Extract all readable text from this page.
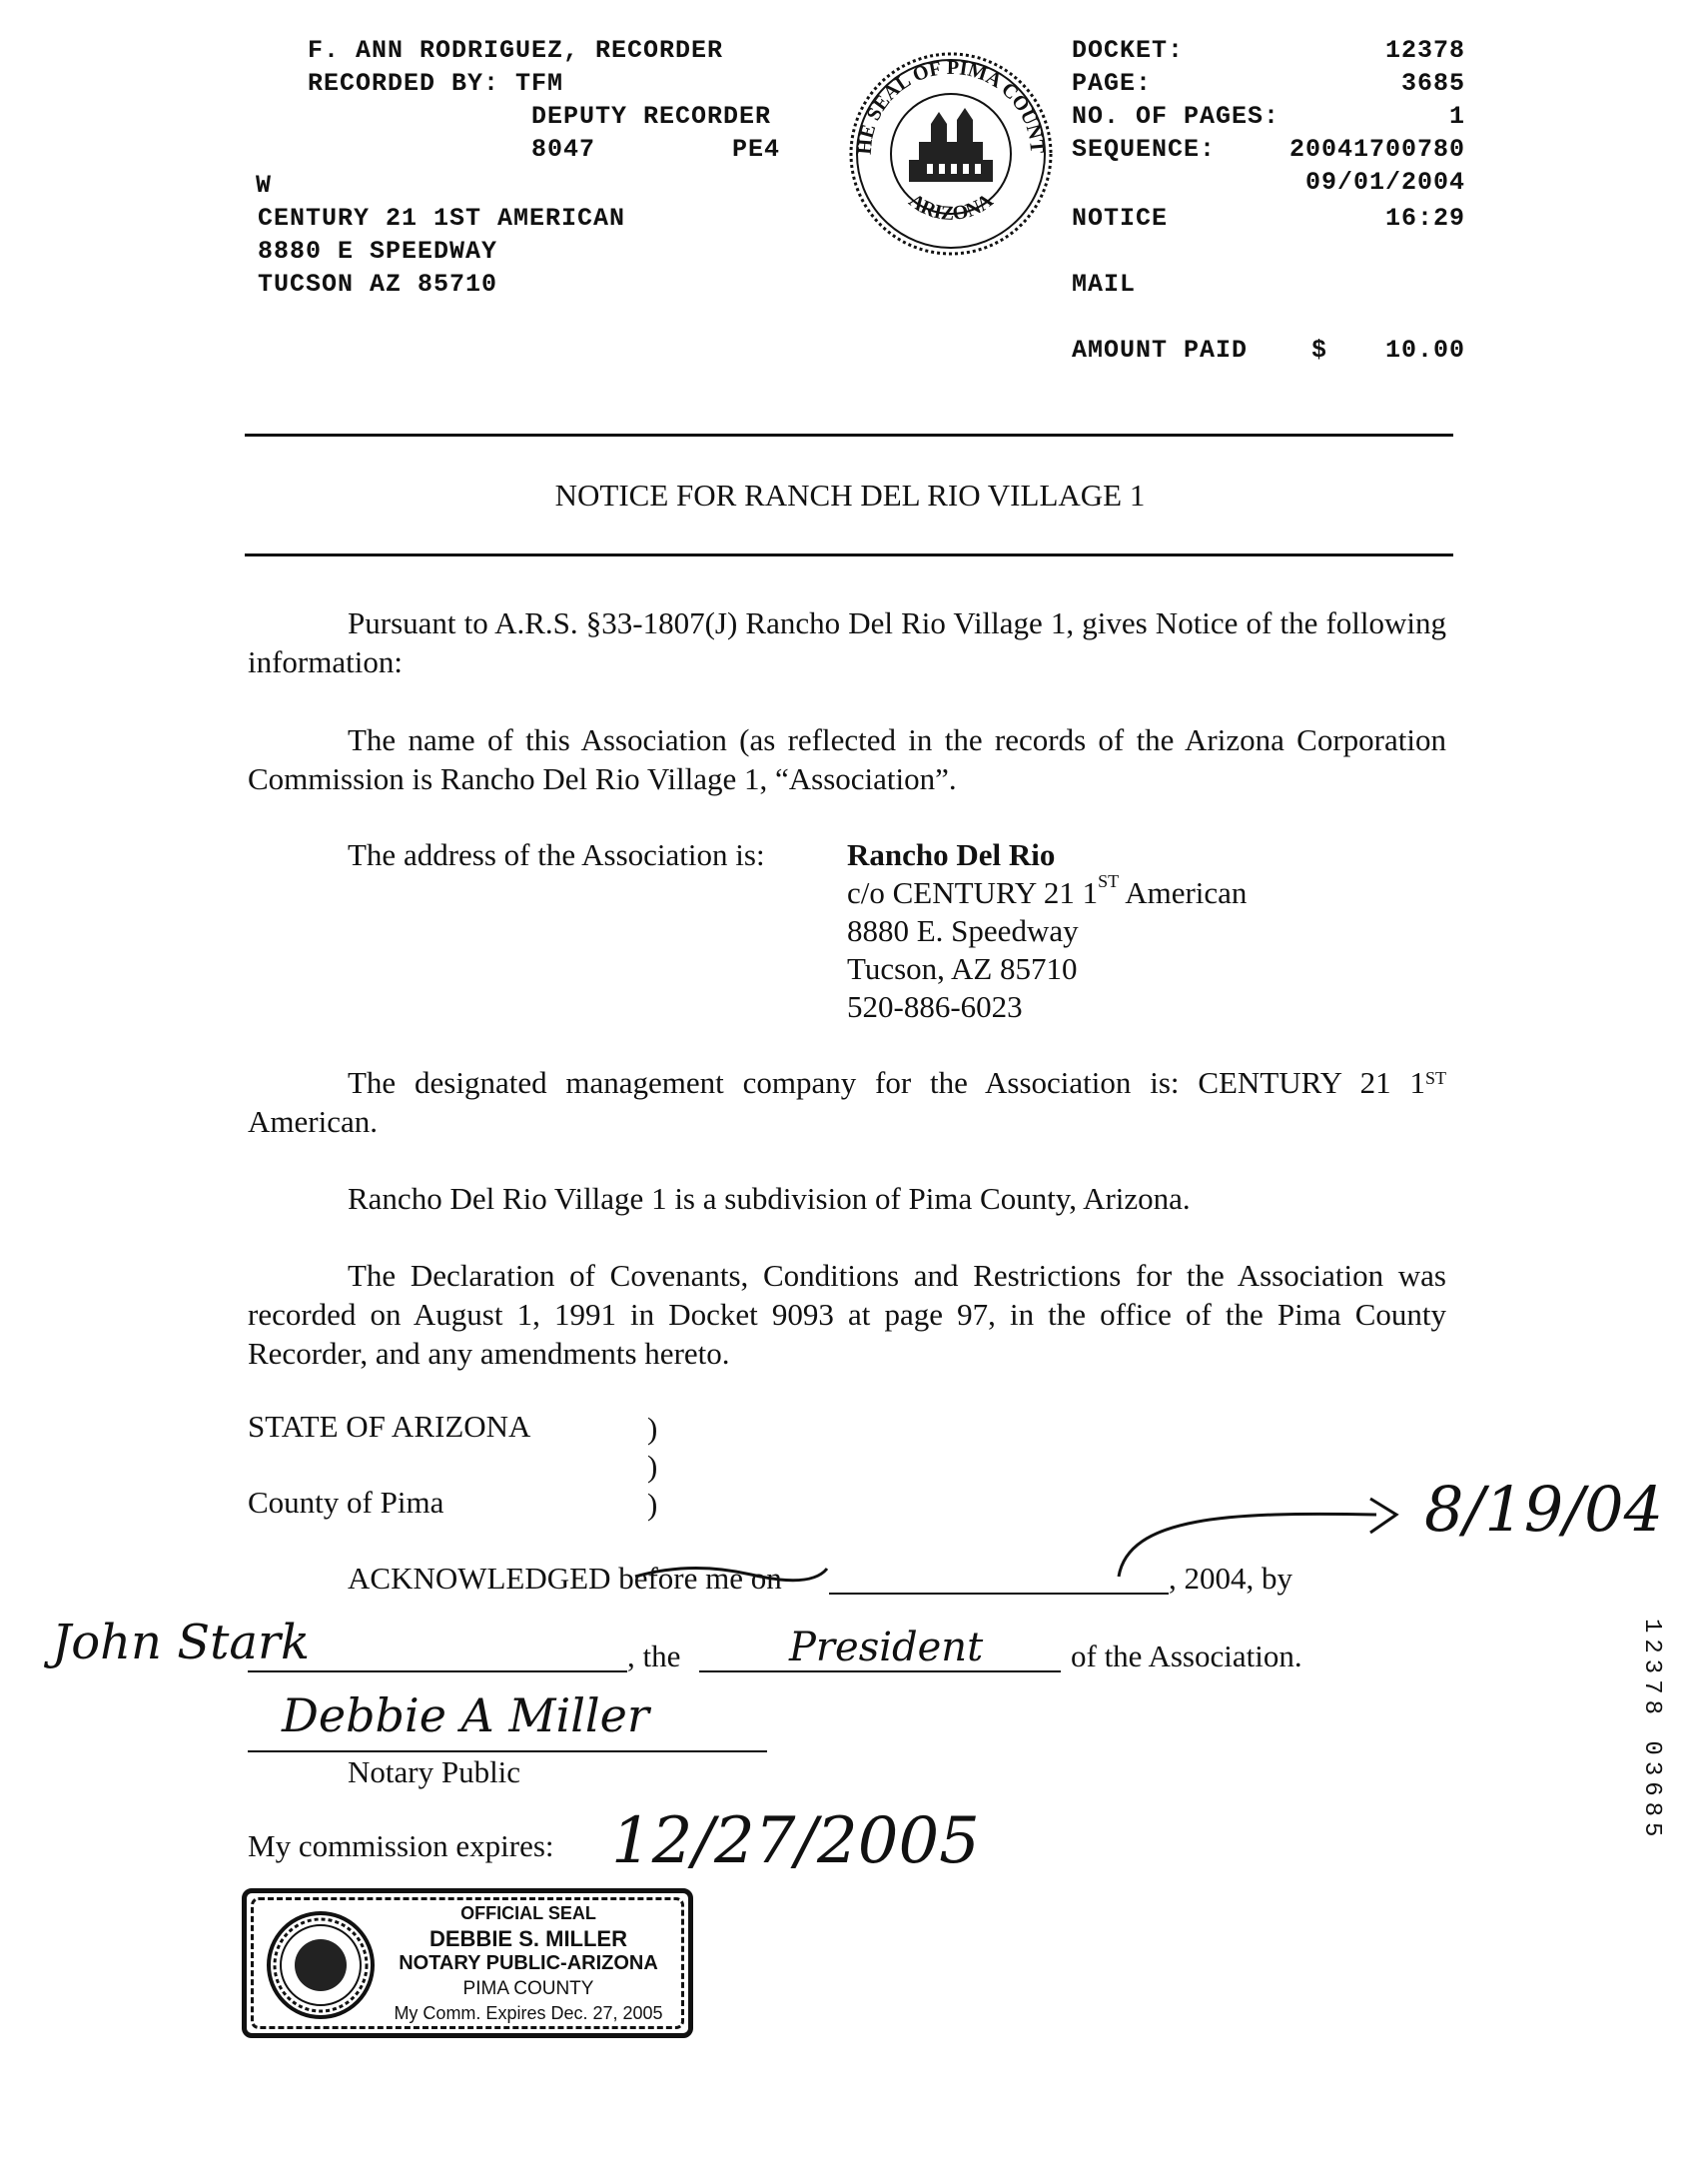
F. ANN RODRIGUEZ, RECORDER
RECORDED BY: TFM
DEPUTY RECORDER
8047	PE4
W
CENTURY 21 1ST AMERICAN
8880 E SPEEDWAY
TUCSON AZ 85710
HE SEAL OF PIMA COUNT
ARIZONA
DOCKET:	12378
PAGE:	3685
NO. OF PAGES:	1
SEQUENCE:	20041700780
09/01/2004
NOTICE	16:29
MAIL
AMOUNT PAID	$ 10.00
NOTICE FOR RANCH DEL RIO VILLAGE 1
Pursuant to A.R.S. §33-1807(J) Rancho Del Rio Village 1, gives Notice of the following information:
The name of this Association (as reflected in the records of the Arizona Corporation Commission is Rancho Del Rio Village 1, “Association”.
The address of the Association is:	Rancho Del Rio
c/o CENTURY 21 1ST American
8880 E. Speedway
Tucson, AZ 85710
520-886-6023
The designated management company for the Association is: CENTURY 21 1ST American.
Rancho Del Rio Village 1 is a subdivision of Pima County, Arizona.
The Declaration of Covenants, Conditions and Restrictions for the Association was recorded on August 1, 1991 in Docket 9093 at page 97, in the office of the Pima County Recorder, and any amendments hereto.
STATE OF ARIZONA	)
)
)
County of Pima	8/19/04
ACKNOWLEDGED before me on	, 2004, by
John Stark	, the	President	of the Association.
Debbie A Miller
Notary Public
My commission expires: 12/27/2005
OFFICIAL SEAL
DEBBIE S. MILLER
NOTARY PUBLIC-ARIZONA
PIMA COUNTY
My Comm. Expires Dec. 27, 2005
12378 03685
